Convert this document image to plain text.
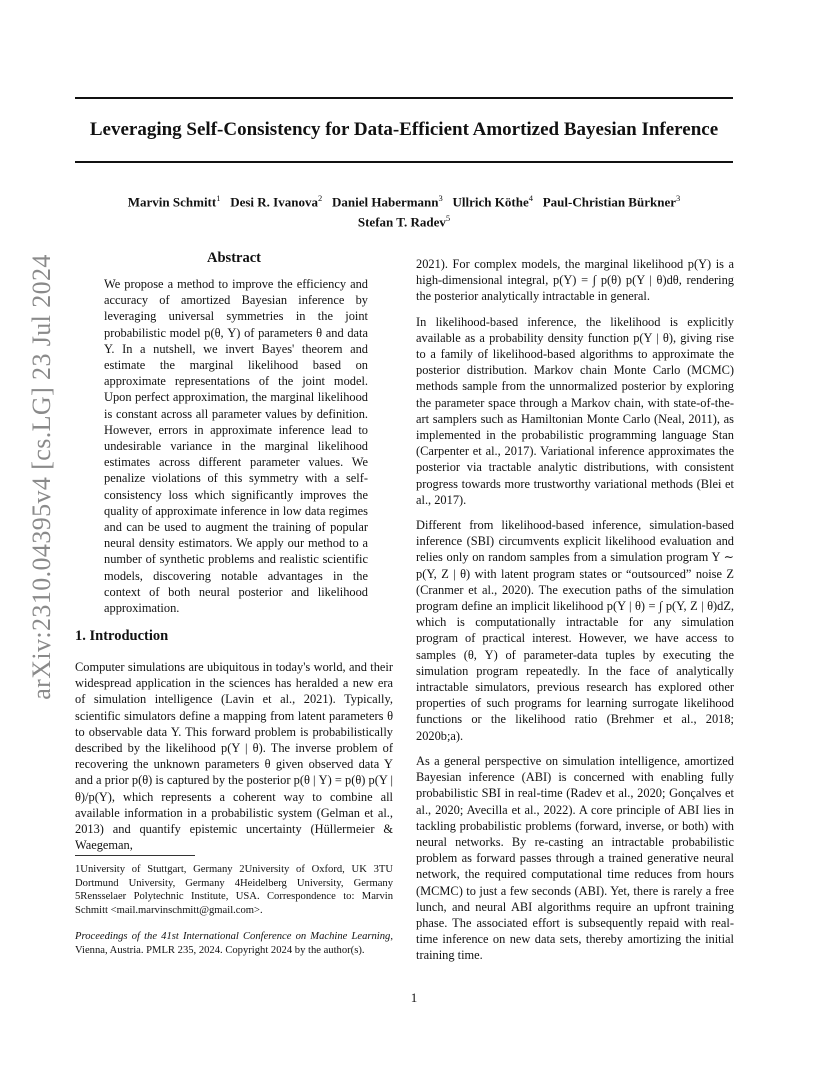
Leveraging Self-Consistency for Data-Efficient Amortized Bayesian Inference
Marvin Schmitt$^1$ Desi R. Ivanova$^2$ Daniel Habermann$^3$ Ullrich Köthe$^4$ Paul-Christian Bürkner$^3$
Stefan T. Radev$^5$
arXiv:2310.04395v4 [cs.LG] 23 Jul 2024	Abstract

We propose a method to improve the efficiency and accuracy of amortized Bayesian inference by leveraging universal symmetries in the joint probabilistic model p(θ, Y) of parameters θ and data Y. In a nutshell, we invert Bayes' theorem and estimate the marginal likelihood based on approximate representations of the joint model. Upon perfect approximation, the marginal likelihood is constant across all parameter values by definition. However, errors in approximate inference lead to undesirable variance in the marginal likelihood estimates across different parameter values. We penalize violations of this symmetry with a self-consistency loss which significantly improves the quality of approximate inference in low data regimes and can be used to augment the training of popular neural density estimators. We apply our method to a number of synthetic problems and realistic scientific models, discovering notable advantages in the context of both neural posterior and likelihood approximation.

1. Introduction

Computer simulations are ubiquitous in today's world, and their widespread application in the sciences has heralded a new era of simulation intelligence (Lavin et al., 2021). Typically, scientific simulators define a mapping from latent parameters θ to observable data Y. This forward problem is probabilistically described by the likelihood p(Y | θ). The inverse problem of recovering the unknown parameters θ given observed data Y and a prior p(θ) is captured by the posterior p(θ | Y) = p(θ) p(Y | θ)/p(Y), which represents a coherent way to combine all available information in a probabilistic system (Gelman et al., 2013) and quantify epistemic uncertainty (Hüllermeier & Waegeman,

1University of Stuttgart, Germany 2University of Oxford, UK 3TU Dortmund University, Germany 4Heidelberg University, Germany 5Rensselaer Polytechnic Institute, USA. Correspondence to: Marvin Schmitt <mail.marvinschmitt@gmail.com>.
Proceedings of the 41st International Conference on Machine Learning, Vienna, Austria. PMLR 235, 2024. Copyright 2024 by the author(s).

2021). For complex models, the marginal likelihood p(Y) is a high-dimensional integral, p(Y) = ∫ p(θ) p(Y | θ)dθ, rendering the posterior analytically intractable in general.

In likelihood-based inference, the likelihood is explicitly available as a probability density function p(Y | θ), giving rise to a family of likelihood-based algorithms to approximate the posterior distribution. Markov chain Monte Carlo (MCMC) methods sample from the unnormalized posterior by exploring the parameter space through a Markov chain, with state-of-the-art samplers such as Hamiltonian Monte Carlo (Neal, 2011), as implemented in the probabilistic programming language Stan (Carpenter et al., 2017). Variational inference approximates the posterior via tractable analytic distributions, with consistent progress towards more trustworthy variational methods (Blei et al., 2017).

Different from likelihood-based inference, simulation-based inference (SBI) circumvents explicit likelihood evaluation and relies only on random samples from a simulation program Y ∼ p(Y, Z | θ) with latent program states or “outsourced” noise Z (Cranmer et al., 2020). The execution paths of the simulation program define an implicit likelihood p(Y | θ) = ∫ p(Y, Z | θ)dZ, which is computationally intractable for any simulation program of practical interest. However, we have access to samples (θ, Y) of parameter-data tuples by executing the simulation program repeatedly. In the face of analytically intractable simulators, previous research has explored other properties of such programs for learning surrogate likelihood functions or the likelihood ratio (Brehmer et al., 2018; 2020b;a).

As a general perspective on simulation intelligence, amortized Bayesian inference (ABI) is concerned with enabling fully probabilistic SBI in real-time (Radev et al., 2020; Gonçalves et al., 2020; Avecilla et al., 2022). A core principle of ABI lies in tackling probabilistic problems (forward, inverse, or both) with neural networks. By re-casting an intractable probabilistic problem as forward passes through a trained generative neural network, the required computational time reduces from hours (MCMC) to just a few seconds (ABI). Yet, there is rarely a free lunch, and neural ABI algorithms require an upfront training phase. The associated effort is subsequently repaid with real-time inference on new data sets, thereby amortizing the initial training time.

1
